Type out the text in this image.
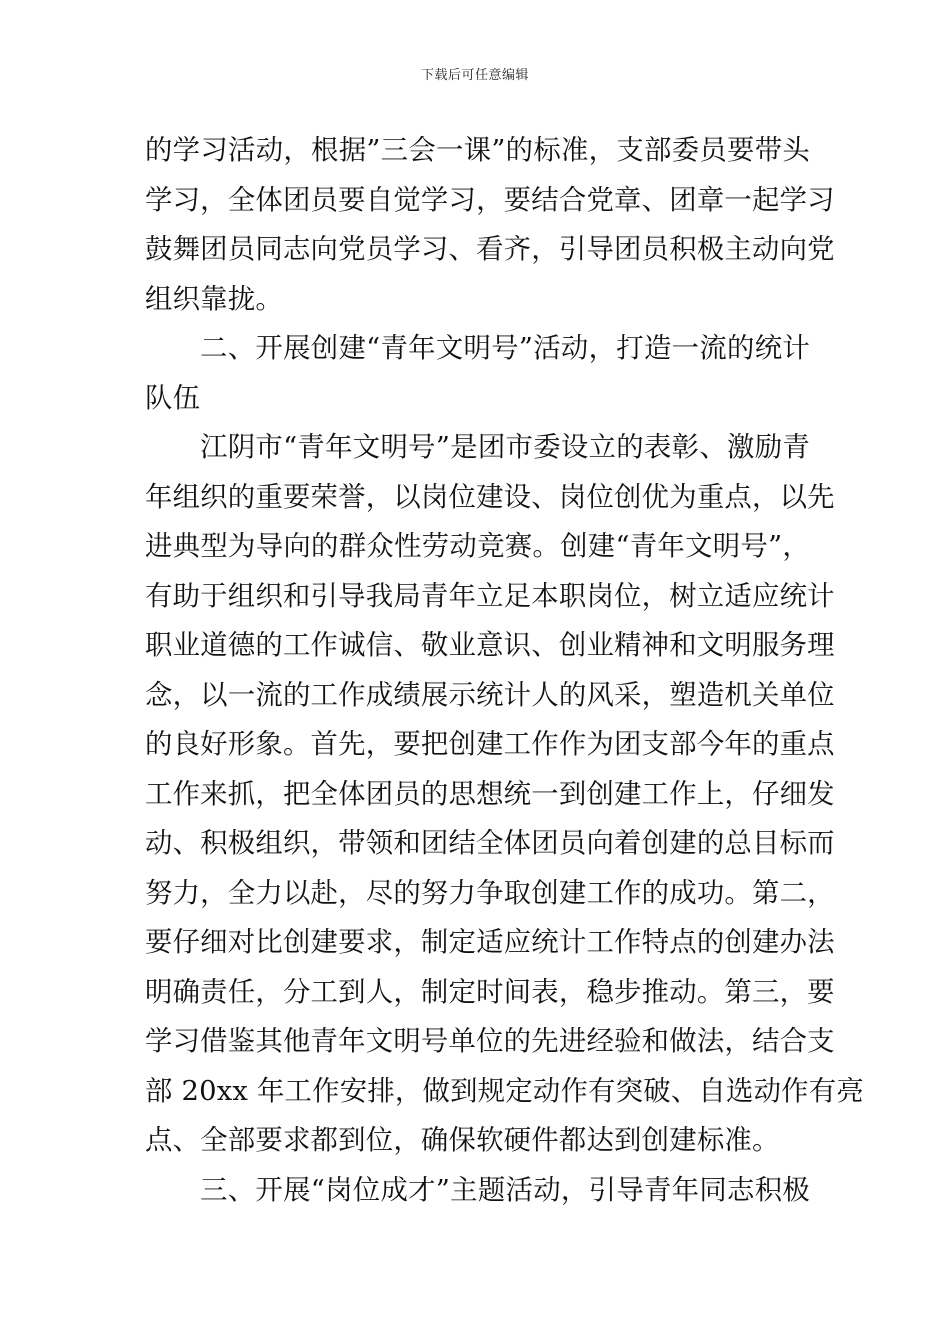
下载后可任意编辑
的学习活动，根据”三会一课”的标准，支部委员要带头
学习，全体团员要自觉学习，要结合党章、团章一起学习
鼓舞团员同志向党员学习、看齐，引导团员积极主动向党
组织靠拢。
二、开展创建“青年文明号”活动，打造一流的统计
队伍
江阴市“青年文明号”是团市委设立的表彰、激励青
年组织的重要荣誉，以岗位建设、岗位创优为重点，以先
进典型为导向的群众性劳动竞赛。创建“青年文明号”，
有助于组织和引导我局青年立足本职岗位，树立适应统计
职业道德的工作诚信、敬业意识、创业精神和文明服务理
念，以一流的工作成绩展示统计人的风采，塑造机关单位
的良好形象。首先，要把创建工作作为团支部今年的重点
工作来抓，把全体团员的思想统一到创建工作上，仔细发
动、积极组织，带领和团结全体团员向着创建的总目标而
努力，全力以赴，尽的努力争取创建工作的成功。第二，
要仔细对比创建要求，制定适应统计工作特点的创建办法
明确责任，分工到人，制定时间表，稳步推动。第三，要
学习借鉴其他青年文明号单位的先进经验和做法，结合支
部 20xx 年工作安排，做到规定动作有突破、自选动作有亮
点、全部要求都到位，确保软硬件都达到创建标准。
三、开展“岗位成才”主题活动，引导青年同志积极
